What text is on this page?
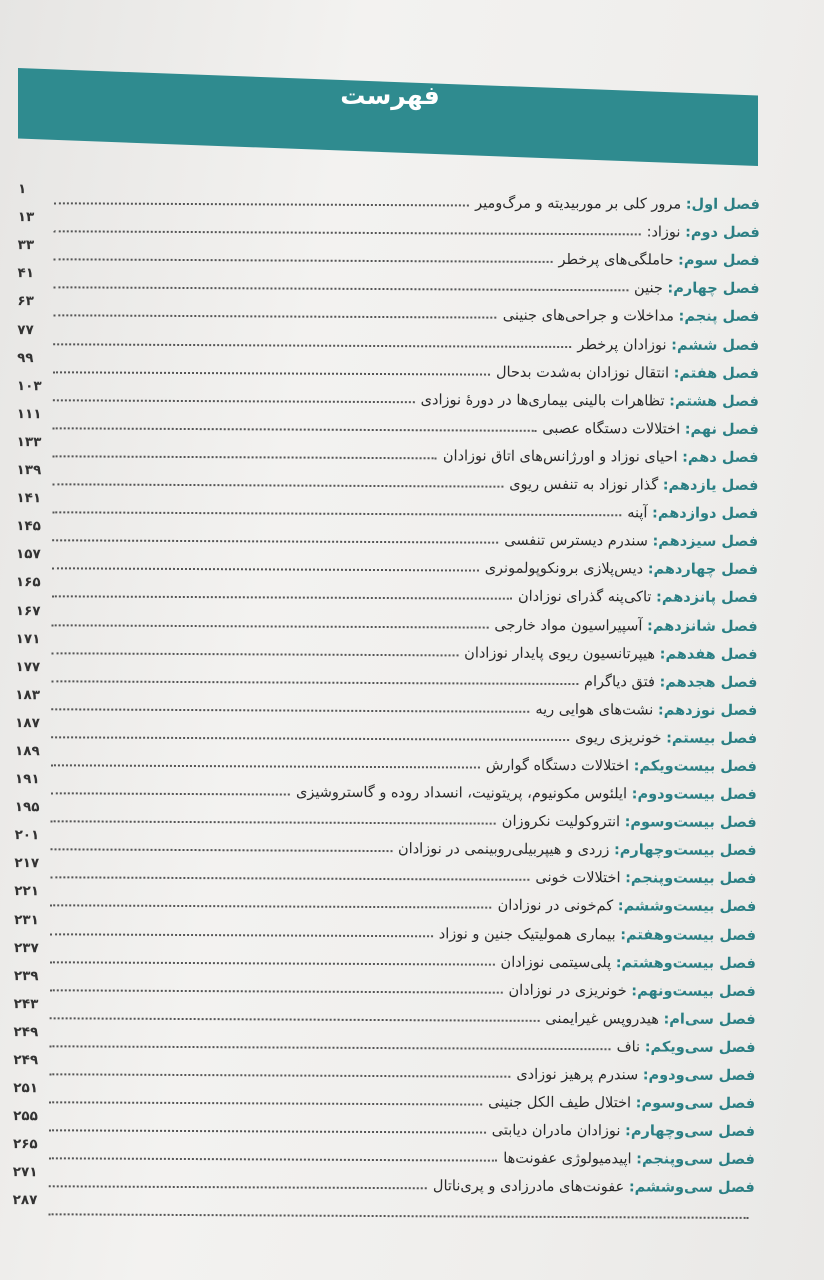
فهرست
فصل اول: مرور کلی بر موربیدیته و مرگ‌ومیر
۱
فصل دوم: نوزاد:
۱۳
فصل سوم: حاملگی‌های پرخطر
۳۳
فصل چهارم: جنین
۴۱
فصل پنجم: مداخلات و جراحی‌های جنینی
۶۳
فصل ششم: نوزادان پرخطر
۷۷
فصل هفتم: انتقال نوزادان به‌شدت بدحال
۹۹
فصل هشتم: تظاهرات بالینی بیماری‌ها در دورهٔ نوزادی
۱۰۳
فصل نهم: اختلالات دستگاه عصبی
۱۱۱
فصل دهم: احیای نوزاد و اورژانس‌های اتاق نوزادان
۱۳۳
فصل یازدهم: گذار نوزاد به تنفس ریوی
۱۳۹
فصل دوازدهم: آپنه
۱۴۱
فصل سیزدهم: سندرم دیسترس تنفسی
۱۴۵
فصل چهاردهم: دیس‌پلازی برونکوپولمونری
۱۵۷
فصل پانزدهم: تاکی‌پنه گذرای نوزادان
۱۶۵
فصل شانزدهم: آسپیراسیون مواد خارجی
۱۶۷
فصل هفدهم: هیپرتانسیون ریوی پایدار نوزادان
۱۷۱
فصل هجدهم: فتق دیاگرام
۱۷۷
فصل نوزدهم: نشت‌های هوایی ریه
۱۸۳
فصل بیستم: خونریزی ریوی
۱۸۷
فصل بیست‌ویکم: اختلالات دستگاه گوارش
۱۸۹
فصل بیست‌ودوم: ایلئوس مکونیوم، پریتونیت، انسداد روده و گاستروشیزی
۱۹۱
فصل بیست‌وسوم: انتروکولیت نکروزان
۱۹۵
فصل بیست‌وچهارم: زردی و هیپربیلی‌روبینمی در نوزادان
۲۰۱
فصل بیست‌وپنجم: اختلالات خونی
۲۱۷
فصل بیست‌وششم: کم‌خونی در نوزادان
۲۲۱
فصل بیست‌وهفتم: بیماری همولیتیک جنین و نوزاد
۲۳۱
فصل بیست‌وهشتم: پلی‌سیتمی نوزادان
۲۳۷
فصل بیست‌ونهم: خونریزی در نوزادان
۲۳۹
فصل سی‌ام: هیدروپس غیرایمنی
۲۴۳
فصل سی‌ویکم: ناف
۲۴۹
فصل سی‌ودوم: سندرم پرهیز نوزادی
۲۴۹
فصل سی‌وسوم: اختلال طیف الکل جنینی
۲۵۱
فصل سی‌وچهارم: نوزادان مادران دیابتی
۲۵۵
فصل سی‌وپنجم: اپیدمیولوژی عفونت‌ها
۲۶۵
فصل سی‌وششم: عفونت‌های مادرزادی و پری‌ناتال
۲۷۱
۲۸۷
